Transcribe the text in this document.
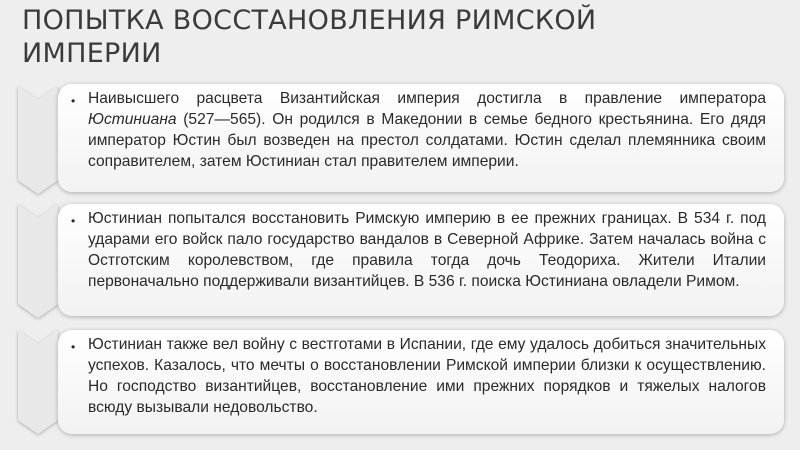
ПОПЫТКА ВОССТАНОВЛЕНИЯ РИМСКОЙ ИМПЕРИИ
• Наивысшего расцвета Византийская империя достигла в правление императора Юстиниана (527—565). Он родился в Македонии в семье бедного крестьянина. Его дядя император Юстин был возведен на престол солдатами. Юстин сделал племянника своим соправителем, затем Юстиниан стал правителем империи.

• Юстиниан попытался восстановить Римскую империю в ее прежних границах. В 534 г. под ударами его войск пало государство вандалов в Северной Африке. Затем началась война с Остготским королевством, где правила тогда дочь Теодориха. Жители Италии первоначально поддерживали византийцев. В 536 г. поиска Юстиниана овладели Римом.

• Юстиниан также вел войну с вестготами в Испании, где ему удалось добиться значительных успехов. Казалось, что мечты о восстановлении Римской империи близки к осуществлению. Но господство византийцев, восстановление ими прежних порядков и тяжелых налогов всюду вызывали недовольство.
